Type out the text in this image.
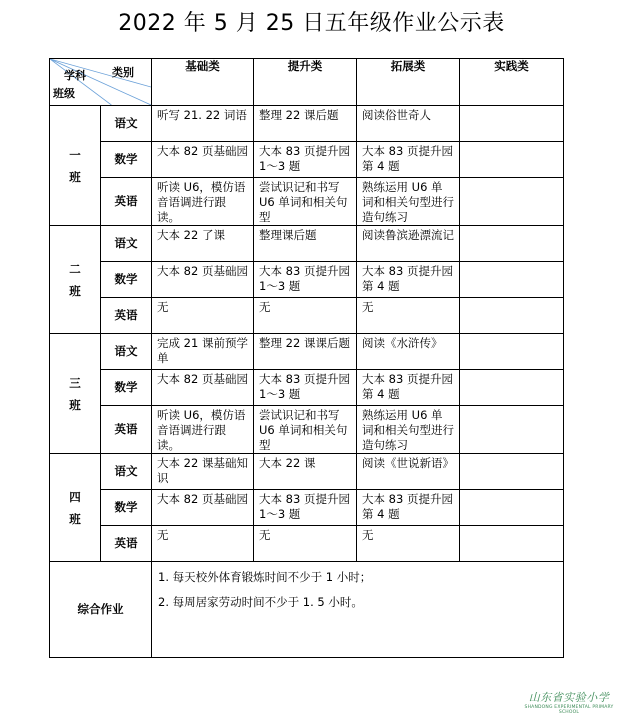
2022 年 5 月 25 日五年级作业公示表
类别
学科
班级		基础类	提升类	拓展类	实践类

一
班	语文	听写 21. 22 词语	整理 22 课后题	阅读俗世奇人	
	数学	大本 82 页基础园	大本 83 页提升园 1～3 题	大本 83 页提升园 第 4 题	
	英语	听读 U6，模仿语音语调进行跟读。	尝试识记和书写 U6 单词和相关句型	熟练运用 U6 单词和相关句型进行造句练习	

二
班	语文	大本 22 了课	整理课后题	阅读鲁滨逊漂流记	
	数学	大本 82 页基础园	大本 83 页提升园 1～3 题	大本 83 页提升园 第 4 题	
	英语	无	无	无	

三
班	语文	完成 21 课前预学单	整理 22 课课后题	阅读《水浒传》	
	数学	大本 82 页基础园	大本 83 页提升园 1～3 题	大本 83 页提升园 第 4 题	
	英语	听读 U6，模仿语音语调进行跟读。	尝试识记和书写 U6 单词和相关句型	熟练运用 U6 单词和相关句型进行造句练习	

四
班	语文	大本 22 课基础知识	大本 22 课	阅读《世说新语》	
	数学	大本 82 页基础园	大本 83 页提升园 1～3 题	大本 83 页提升园 第 4 题	
	英语	无	无	无	
综合作业		1. 每天校外体育锻炼时间不少于 1 小时；
2. 每周居家劳动时间不少于 1. 5 小时。			
山东省实验小学
SHANDONG EXPERIMENTAL PRIMARY SCHOOL
